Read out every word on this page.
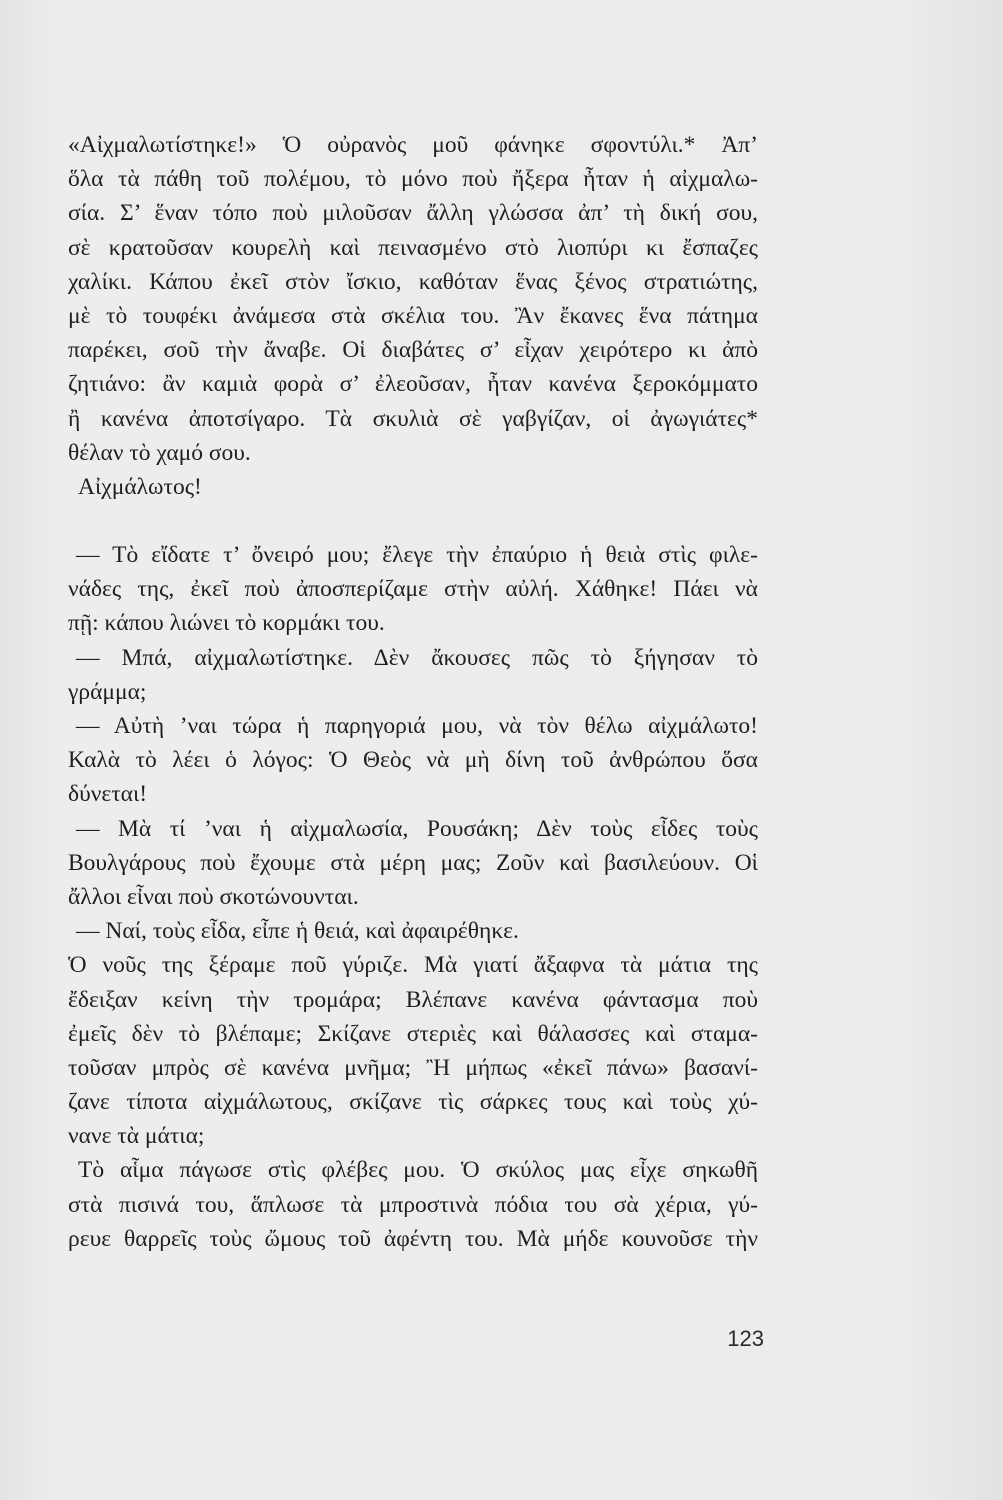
«Αἰχμαλωτίστηκε!» Ὁ οὐρανὸς μοῦ φάνηκε σφοντύλι.* Ἀπ’
ὅλα τὰ πάθη τοῦ πολέμου, τὸ μόνο ποὺ ἤξερα ἦταν ἡ αἰχμαλω-
σία. Σ’ ἕναν τόπο ποὺ μιλοῦσαν ἄλλη γλώσσα ἀπ’ τὴ δική σου,
σὲ κρατοῦσαν κουρελὴ καὶ πεινασμένο στὸ λιοπύρι κι ἔσπαζες
χαλίκι. Κάπου ἐκεῖ στὸν ἴσκιο, καθόταν ἕνας ξένος στρατιώτης,
μὲ τὸ τουφέκι ἀνάμεσα στὰ σκέλια του. Ἂν ἔκανες ἕνα πάτημα
παρέκει, σοῦ τὴν ἄναβε. Οἱ διαβάτες σ’ εἶχαν χειρότερο κι ἀπὸ
ζητιάνο: ἂν καμιὰ φορὰ σ’ ἐλεοῦσαν, ἦταν κανένα ξεροκόμματο
ἢ κανένα ἀποτσίγαρο. Τὰ σκυλιὰ σὲ γαβγίζαν, οἱ ἀγωγιάτες*
θέλαν τὸ χαμό σου.
Αἰχμάλωτος!
— Τὸ εἴδατε τ’ ὄνειρό μου; ἔλεγε τὴν ἐπαύριο ἡ θειὰ στὶς φιλε-
νάδες της, ἐκεῖ ποὺ ἀποσπερίζαμε στὴν αὐλή. Χάθηκε! Πάει νὰ
πῇ: κάπου λιώνει τὸ κορμάκι του.
— Μπά, αἰχμαλωτίστηκε. Δὲν ἄκουσες πῶς τὸ ξήγησαν τὸ
γράμμα;
— Αὐτὴ ’ναι τώρα ἡ παρηγοριά μου, νὰ τὸν θέλω αἰχμάλωτο!
Καλὰ τὸ λέει ὁ λόγος: Ὁ Θεὸς νὰ μὴ δίνη τοῦ ἀνθρώπου ὅσα
δύνεται!
— Μὰ τί ’ναι ἡ αἰχμαλωσία, Ρουσάκη; Δὲν τοὺς εἶδες τοὺς
Βουλγάρους ποὺ ἔχουμε στὰ μέρη μας; Ζοῦν καὶ βασιλεύουν. Οἱ
ἄλλοι εἶναι ποὺ σκοτώνουνται.
— Ναί, τοὺς εἶδα, εἶπε ἡ θειά, καὶ ἀφαιρέθηκε.
Ὁ νοῦς της ξέραμε ποῦ γύριζε. Μὰ γιατί ἄξαφνα τὰ μάτια της
ἔδειξαν κείνη τὴν τρομάρα; Βλέπανε κανένα φάντασμα ποὺ
ἐμεῖς δὲν τὸ βλέπαμε; Σκίζανε στεριὲς καὶ θάλασσες καὶ σταμα-
τοῦσαν μπρὸς σὲ κανένα μνῆμα; Ἢ μήπως «ἐκεῖ πάνω» βασανί-
ζανε τίποτα αἰχμάλωτους, σκίζανε τὶς σάρκες τους καὶ τοὺς χύ-
νανε τὰ μάτια;
Τὸ αἷμα πάγωσε στὶς φλέβες μου. Ὁ σκύλος μας εἶχε σηκωθῆ
στὰ πισινά του, ἅπλωσε τὰ μπροστινὰ πόδια του σὰ χέρια, γύ-
ρευε θαρρεῖς τοὺς ὤμους τοῦ ἀφέντη του. Μὰ μήδε κουνοῦσε τὴν
123
